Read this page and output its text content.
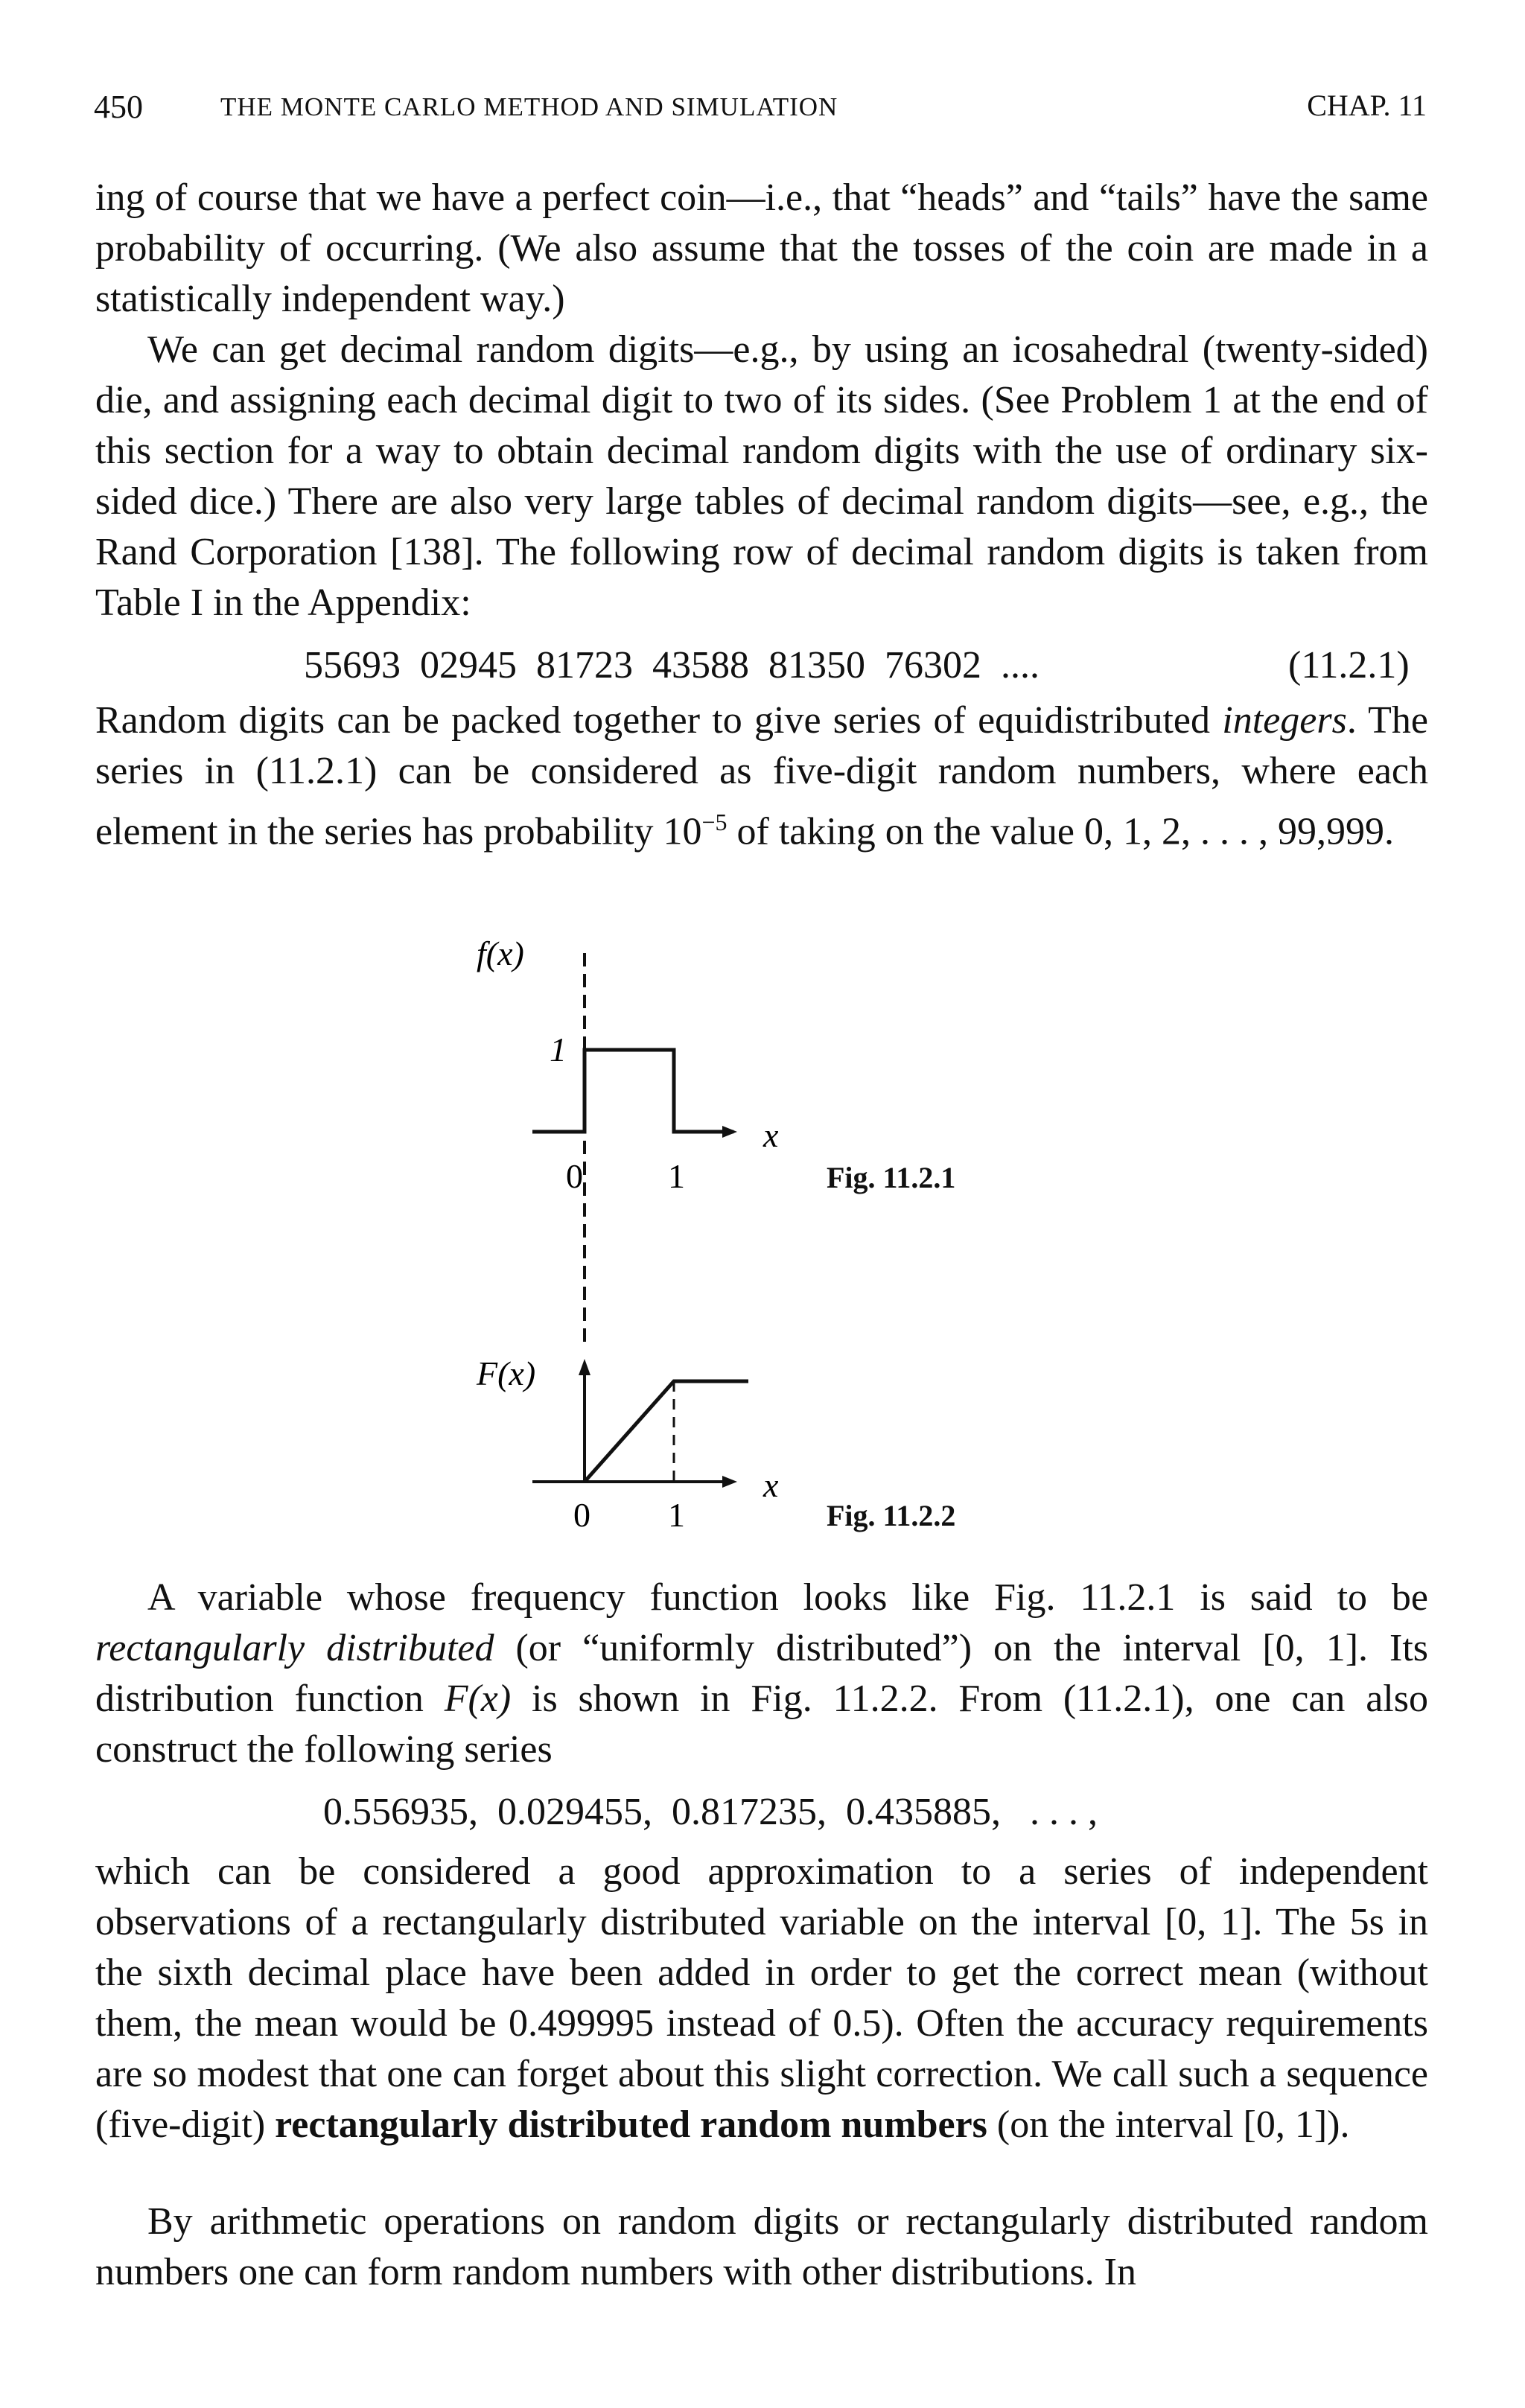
450	THE MONTE CARLO METHOD AND SIMULATION	CHAP. 11

ing of course that we have a perfect coin—i.e., that “heads” and “tails” have the same probability of occurring. (We also assume that the tosses of the coin are made in a statistically independent way.)

We can get decimal random digits—e.g., by using an icosahedral (twenty-sided) die, and assigning each decimal digit to two of its sides. (See Problem 1 at the end of this section for a way to obtain decimal random digits with the use of ordinary six-sided dice.) There are also very large tables of decimal random digits—see, e.g., the Rand Corporation [138]. The following row of decimal random digits is taken from Table I in the Appendix:

55693  02945  81723  43588  81350  76302  ....	(11.2.1)

Random digits can be packed together to give series of equidistributed integers. The series in (11.2.1) can be considered as five-digit random numbers, where each element in the series has probability $10^{-5}$ of taking on the value 0, 1, 2, . . . , 99,999.

f(x)
1
x
0 1
F(x)
x
0 1
Fig. 11.2.1
Fig. 11.2.2

A variable whose frequency function looks like Fig. 11.2.1 is said to be rectangularly distributed (or “uniformly distributed”) on the interval [0, 1]. Its distribution function F(x) is shown in Fig. 11.2.2. From (11.2.1), one can also construct the following series

0.556935,  0.029455,  0.817235,  0.435885,   . . . ,

which can be considered a good approximation to a series of independent observations of a rectangularly distributed variable on the interval [0, 1]. The 5s in the sixth decimal place have been added in order to get the correct mean (without them, the mean would be 0.499995 instead of 0.5). Often the accuracy requirements are so modest that one can forget about this slight correction. We call such a sequence (five-digit) rectangularly distributed random numbers (on the interval [0, 1]).

By arithmetic operations on random digits or rectangularly distributed random numbers one can form random numbers with other distributions. In
